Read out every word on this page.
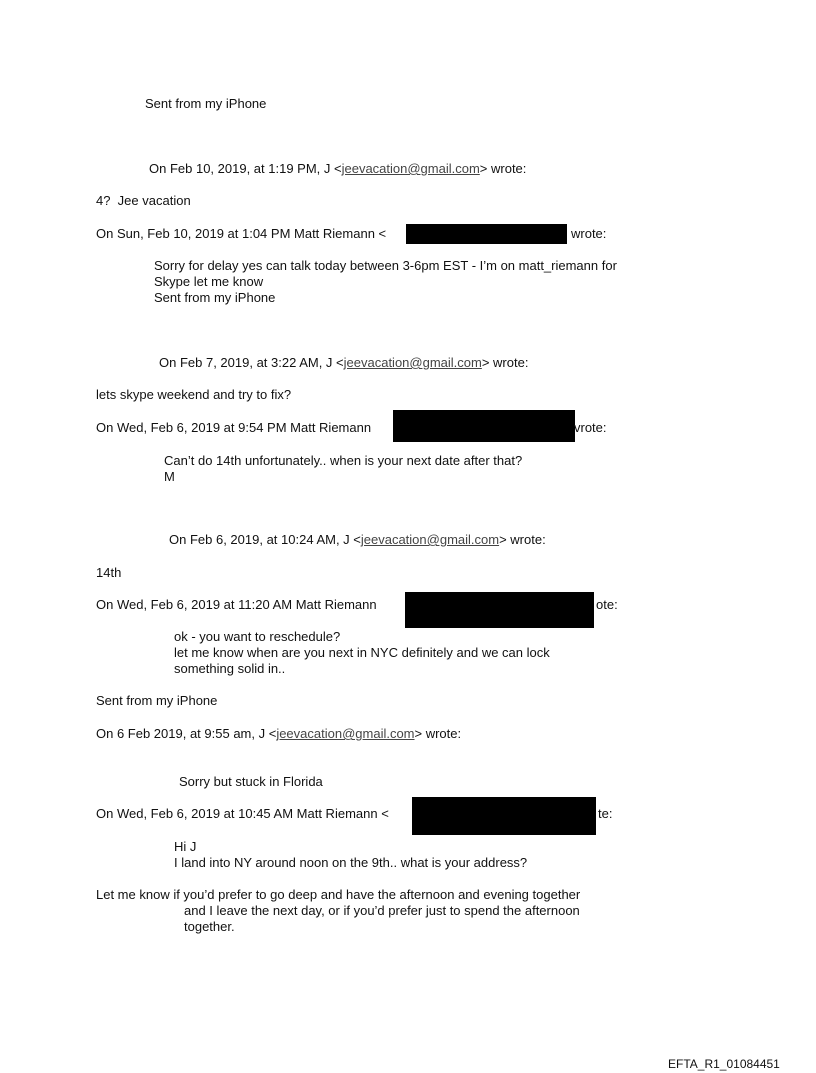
Sent from my iPhone
On Feb 10, 2019, at 1:19 PM, J <jeevacation@gmail.com> wrote:
4?  Jee vacation
On Sun, Feb 10, 2019 at 1:04 PM Matt Riemann <	wrote:
Sorry for delay yes can talk today between 3-6pm EST - I’m on matt_riemann for
Skype let me know
Sent from my iPhone
On Feb 7, 2019, at 3:22 AM, J <jeevacation@gmail.com> wrote:
lets skype weekend and try to fix?
On Wed, Feb 6, 2019 at 9:54 PM Matt Riemann	vrote:
Can’t do 14th unfortunately.. when is your next date after that?
M
On Feb 6, 2019, at 10:24 AM, J <jeevacation@gmail.com> wrote:
14th
On Wed, Feb 6, 2019 at 11:20 AM Matt Riemann	ote:
ok - you want to reschedule?
let me know when are you next in NYC definitely and we can lock
something solid in..
Sent from my iPhone
On 6 Feb 2019, at 9:55 am, J <jeevacation@gmail.com> wrote:
Sorry but stuck in Florida
On Wed, Feb 6, 2019 at 10:45 AM Matt Riemann <	te:
Hi J
I land into NY around noon on the 9th.. what is your address?
Let me know if you’d prefer to go deep and have the afternoon and evening together
and I leave the next day, or if you’d prefer just to spend the afternoon
together.
EFTA_R1_01084451
